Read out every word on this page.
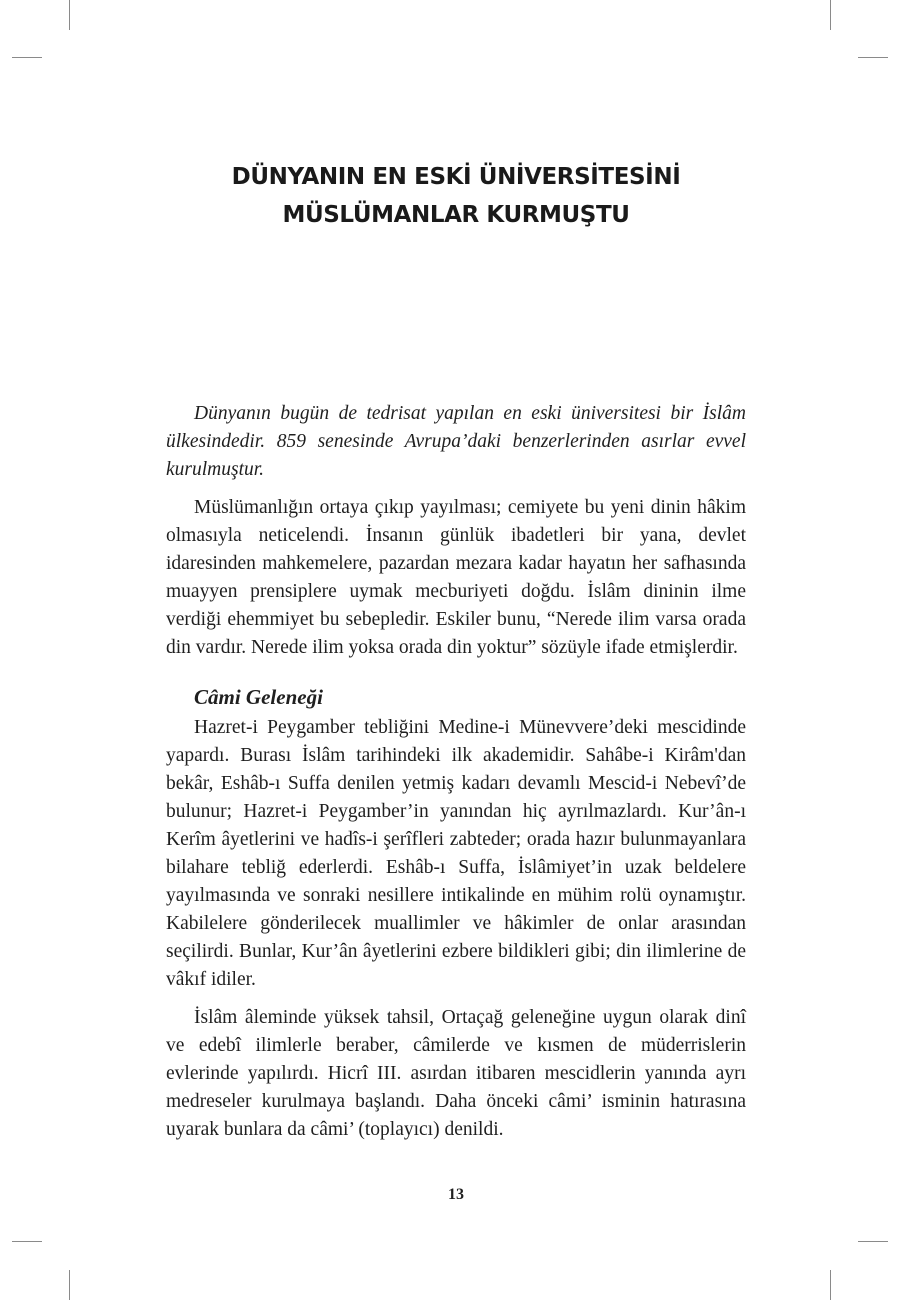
DÜNYANIN EN ESKİ ÜNİVERSİTESİNİ
MÜSLÜMANLAR KURMUŞTU

Dünyanın bugün de tedrisat yapılan en eski üniversitesi bir İslâm ülkesindedir. 859 senesinde Avrupa’daki benzerlerinden asırlar evvel kurulmuştur.

Müslümanlığın ortaya çıkıp yayılması; cemiyete bu yeni dinin hâkim olmasıyla neticelendi. İnsanın günlük ibadetleri bir yana, devlet idaresinden mahkemelere, pazardan mezara kadar hayatın her safhasında muayyen prensiplere uymak mecburiyeti doğdu. İslâm dininin ilme verdiği ehemmiyet bu sebepledir. Eskiler bunu, “Nerede ilim varsa orada din vardır. Nerede ilim yoksa orada din yoktur” sözüyle ifade etmişlerdir.

Câmi Geleneği

Hazret-i Peygamber tebliğini Medine-i Münevvere’deki mescidinde yapardı. Burası İslâm tarihindeki ilk akademidir. Sahâbe-i Kirâm'dan bekâr, Eshâb-ı Suffa denilen yetmiş kadarı devamlı Mescid-i Nebevî’de bulunur; Hazret-i Peygamber’in yanından hiç ayrılmazlardı. Kur’ân-ı Kerîm âyetlerini ve hadîs-i şerîfleri zabteder; orada hazır bulunmayanlara bilahare tebliğ ederlerdi. Eshâb-ı Suffa, İslâmiyet’in uzak beldelere yayılmasında ve sonraki nesillere intikalinde en mühim rolü oynamıştır. Kabilelere gönderilecek muallimler ve hâkimler de onlar arasından seçilirdi. Bunlar, Kur’ân âyetlerini ezbere bildikleri gibi; din ilimlerine de vâkıf idiler.

İslâm âleminde yüksek tahsil, Ortaçağ geleneğine uygun olarak dinî ve edebî ilimlerle beraber, câmilerde ve kısmen de müderrislerin evlerinde yapılırdı. Hicrî III. asırdan itibaren mescidlerin yanında ayrı medreseler kurulmaya başlandı. Daha önceki câmi’ isminin hatırasına uyarak bunlara da câmi’ (toplayıcı) denildi.

13
